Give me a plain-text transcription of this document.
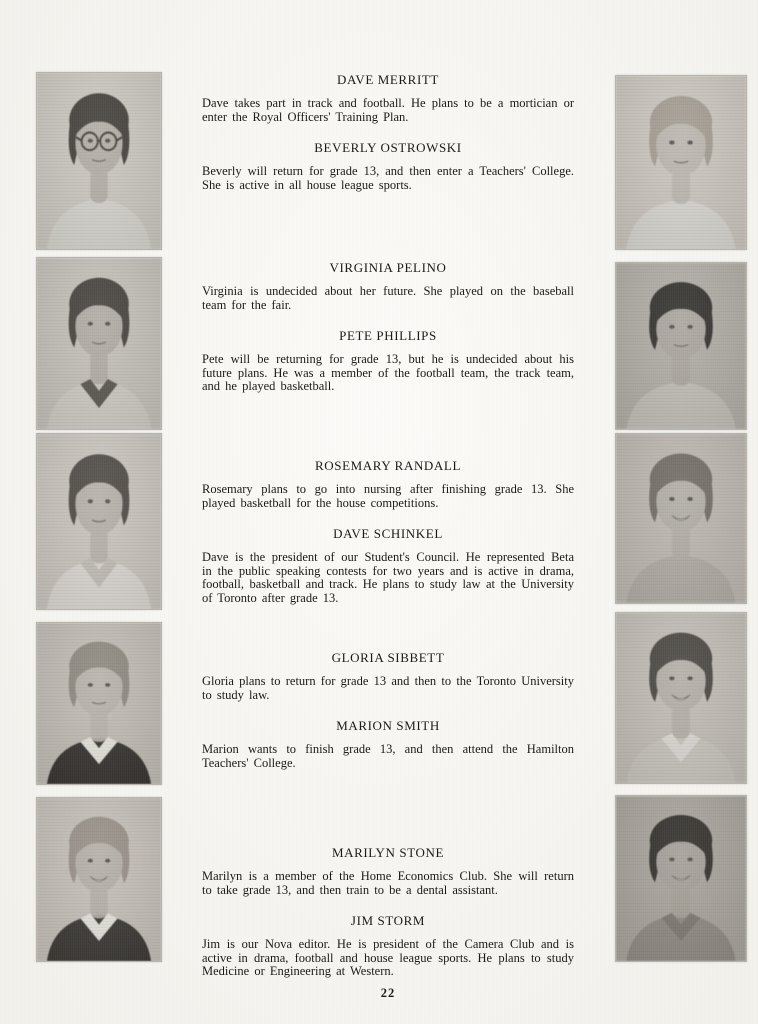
DAVE MERRITT

Dave takes part in track and football. He plans to be a mortician or enter the Royal Officers' Training Plan.

BEVERLY OSTROWSKI

Beverly will return for grade 13, and then enter a Teachers' College. She is active in all house league sports.

VIRGINIA PELINO

Virginia is undecided about her future. She played on the baseball team for the fair.

PETE PHILLIPS

Pete will be returning for grade 13, but he is undecided about his future plans. He was a member of the football team, the track team, and he played basketball.

ROSEMARY RANDALL

Rosemary plans to go into nursing after finishing grade 13. She played basketball for the house competitions.

DAVE SCHINKEL

Dave is the president of our Student's Council. He represented Beta in the public speaking contests for two years and is active in drama, football, basketball and track. He plans to study law at the University of Toronto after grade 13.

GLORIA SIBBETT

Gloria plans to return for grade 13 and then to the Toronto University to study law.

MARION SMITH

Marion wants to finish grade 13, and then attend the Hamilton Teachers' College.

MARILYN STONE

Marilyn is a member of the Home Economics Club. She will return to take grade 13, and then train to be a dental assistant.

JIM STORM

Jim is our Nova editor. He is president of the Camera Club and is active in drama, football and house league sports. He plans to study Medicine or Engineering at Western.

22
